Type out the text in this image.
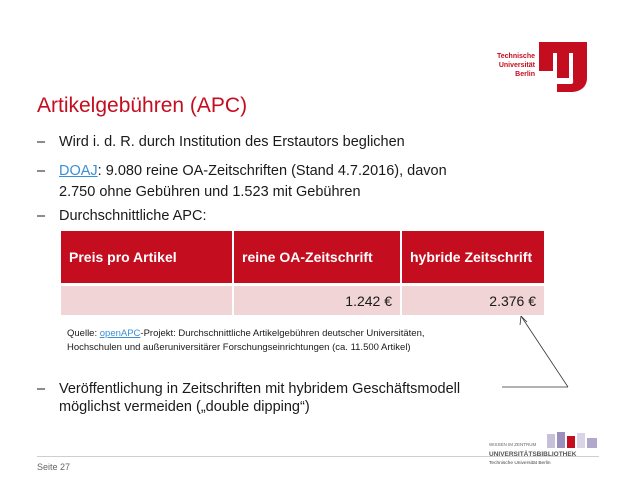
Technische
Universität
Berlin	berlin
Artikelgebühren (APC)
– Wird i. d. R. durch Institution des Erstautors beglichen
– DOAJ: 9.080 reine OA-Zeitschriften (Stand 4.7.2016), davon
2.750 ohne Gebühren und 1.523 mit Gebühren
– Durchschnittliche APC:
Preis pro Artikel	reine OA-Zeitschrift	hybride Zeitschrift
	1.242 €	2.376 €
Quelle: openAPC-Projekt: Durchschnittliche Artikelgebühren deutscher Universitäten,
Hochschulen und außeruniversitärer Forschungseinrichtungen (ca. 11.500 Artikel)
– Veröffentlichung in Zeitschriften mit hybridem Geschäftsmodell
möglichst vermeiden („double dipping“)
Seite 27
WISSEN IM ZENTRUM
UNIVERSITÄTSBIBLIOTHEK
Technische Universität Berlin
